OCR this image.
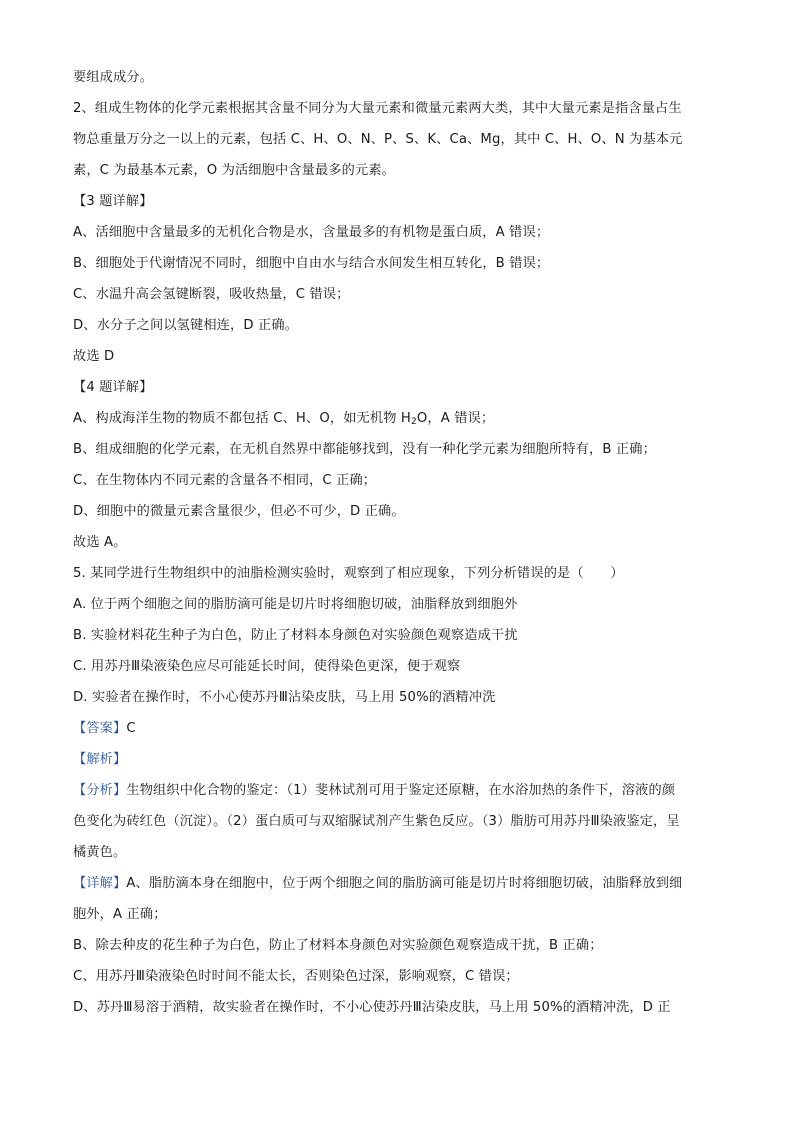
要组成成分。
2、组成生物体的化学元素根据其含量不同分为大量元素和微量元素两大类，其中大量元素是指含量占生
物总重量万分之一以上的元素，包括 C、H、O、N、P、S、K、Ca、Mg，其中 C、H、O、N 为基本元
素，C 为最基本元素，O 为活细胞中含量最多的元素。
【3 题详解】
A、活细胞中含量最多的无机化合物是水，含量最多的有机物是蛋白质，A 错误；
B、细胞处于代谢情况不同时，细胞中自由水与结合水间发生相互转化，B 错误；
C、水温升高会氢键断裂，吸收热量，C 错误；
D、水分子之间以氢键相连，D 正确。
故选 D
【4 题详解】
A、构成海洋生物的物质不都包括 C、H、O，如无机物 $H_2O$，A 错误；
B、组成细胞的化学元素，在无机自然界中都能够找到，没有一种化学元素为细胞所特有，B 正确；
C、在生物体内不同元素的含量各不相同，C 正确；
D、细胞中的微量元素含量很少，但必不可少，D 正确。
故选 A。
5. 某同学进行生物组织中的油脂检测实验时，观察到了相应现象，下列分析错误的是（　　）
A. 位于两个细胞之间的脂肪滴可能是切片时将细胞切破，油脂释放到细胞外
B. 实验材料花生种子为白色，防止了材料本身颜色对实验颜色观察造成干扰
C. 用苏丹Ⅲ染液染色应尽可能延长时间，使得染色更深，便于观察
D. 实验者在操作时，不小心使苏丹Ⅲ沾染皮肤，马上用 50%的酒精冲洗
【答案】C
【解析】
【分析】生物组织中化合物的鉴定：（1）斐林试剂可用于鉴定还原糖，在水浴加热的条件下，溶液的颜
色变化为砖红色（沉淀）。（2）蛋白质可与双缩脲试剂产生紫色反应。（3）脂肪可用苏丹Ⅲ染液鉴定，呈
橘黄色。
【详解】A、脂肪滴本身在细胞中，位于两个细胞之间的脂肪滴可能是切片时将细胞切破，油脂释放到细
胞外，A 正确；
B、除去种皮的花生种子为白色，防止了材料本身颜色对实验颜色观察造成干扰，B 正确；
C、用苏丹Ⅲ染液染色时时间不能太长，否则染色过深，影响观察，C 错误；
D、苏丹Ⅲ易溶于酒精，故实验者在操作时，不小心使苏丹Ⅲ沾染皮肤，马上用 50%的酒精冲洗，D 正
